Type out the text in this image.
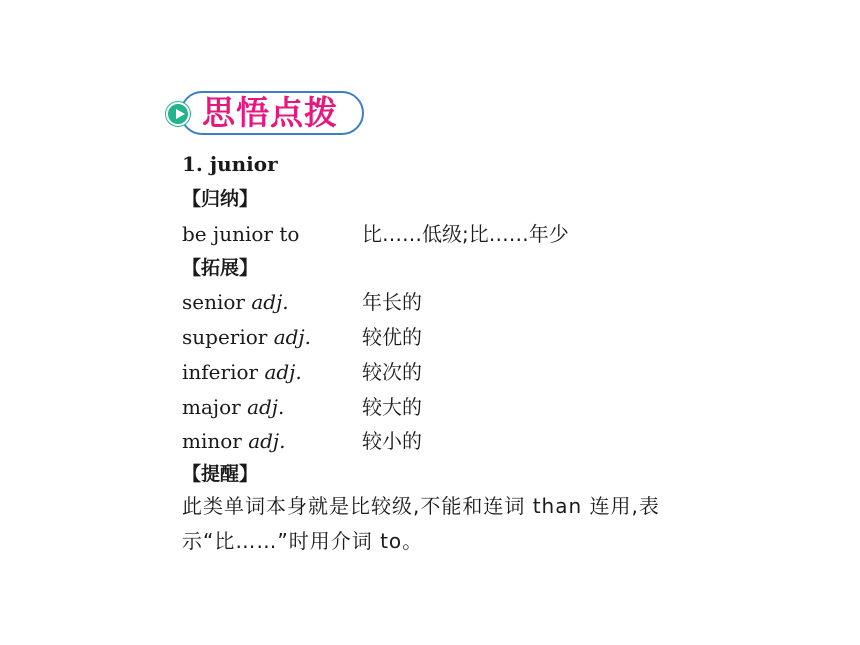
思悟点拨
1. junior
【归纳】
be junior to	比……低级;比……年少
【拓展】
senior adj.	年长的
superior adj.	较优的
inferior adj.	较次的
major adj.	较大的
minor adj.	较小的
【提醒】
此类单词本身就是比较级,不能和连词 than 连用,表示“比……”时用介词 to。
